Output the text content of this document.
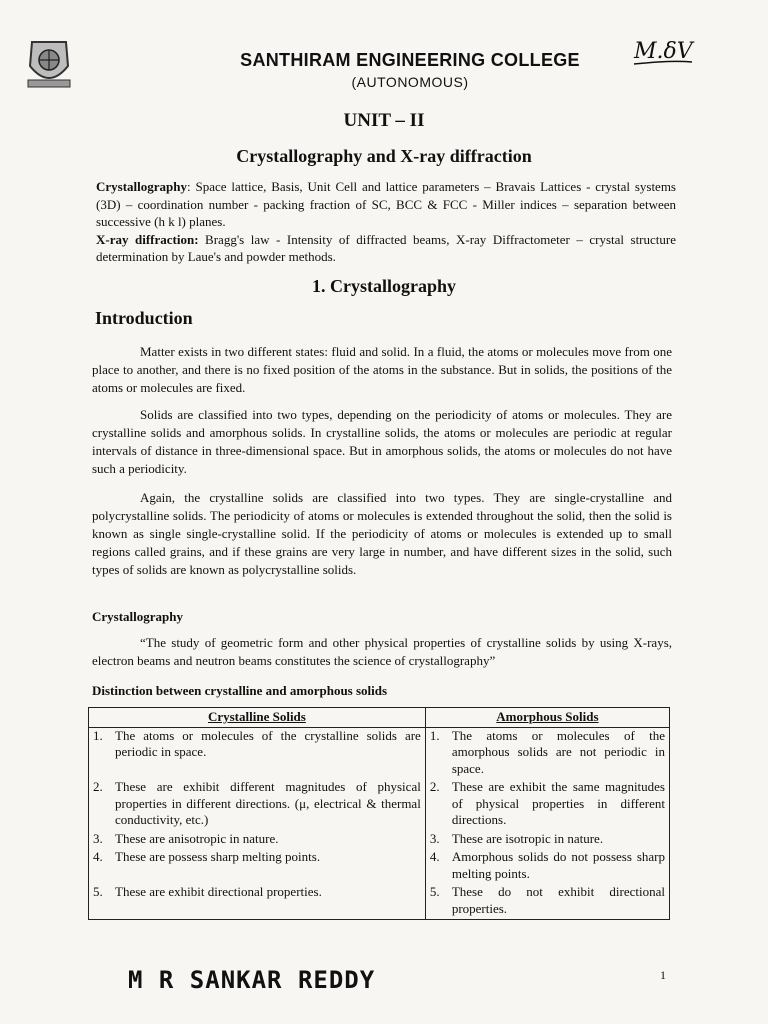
SANTHIRAM ENGINEERING COLLEGE
(AUTONOMOUS)
M.δV
UNIT – II
Crystallography and X-ray diffraction
Crystallography: Space lattice, Basis, Unit Cell and lattice parameters – Bravais Lattices - crystal systems (3D) – coordination number - packing fraction of SC, BCC & FCC - Miller indices – separation between successive (h k l) planes.
X-ray diffraction: Bragg's law - Intensity of diffracted beams, X-ray Diffractometer – crystal structure determination by Laue's and powder methods.
1. Crystallography
Introduction
Matter exists in two different states: fluid and solid. In a fluid, the atoms or molecules move from one place to another, and there is no fixed position of the atoms in the substance. But in solids, the positions of the atoms or molecules are fixed.
Solids are classified into two types, depending on the periodicity of atoms or molecules. They are crystalline solids and amorphous solids. In crystalline solids, the atoms or molecules are periodic at regular intervals of distance in three-dimensional space. But in amorphous solids, the atoms or molecules do not have such a periodicity.
Again, the crystalline solids are classified into two types. They are single-crystalline and polycrystalline solids. The periodicity of atoms or molecules is extended throughout the solid, then the solid is known as single single-crystalline solid. If the periodicity of atoms or molecules is extended up to small regions called grains, and if these grains are very large in number, and have different sizes in the solid, such types of solids are known as polycrystalline solids.
Crystallography
“The study of geometric form and other physical properties of crystalline solids by using X-rays, electron beams and neutron beams constitutes the science of crystallography”
Distinction between crystalline and amorphous solids
Crystalline Solids	Amorphous Solids

1. The atoms or molecules of the crystalline solids are periodic in space.	1. The atoms or molecules of the amorphous solids are not periodic in space.

2. These are exhibit different magnitudes of physical properties in different directions. (μ, electrical & thermal conductivity, etc.)	2. These are exhibit the same magnitudes of physical properties in different directions.

3. These are anisotropic in nature.	3. These are isotropic in nature.

4. These are possess sharp melting points.	4. Amorphous solids do not possess sharp melting points.

5. These are exhibit directional properties.	5. These do not exhibit directional properties.
M R SANKAR REDDY	1
